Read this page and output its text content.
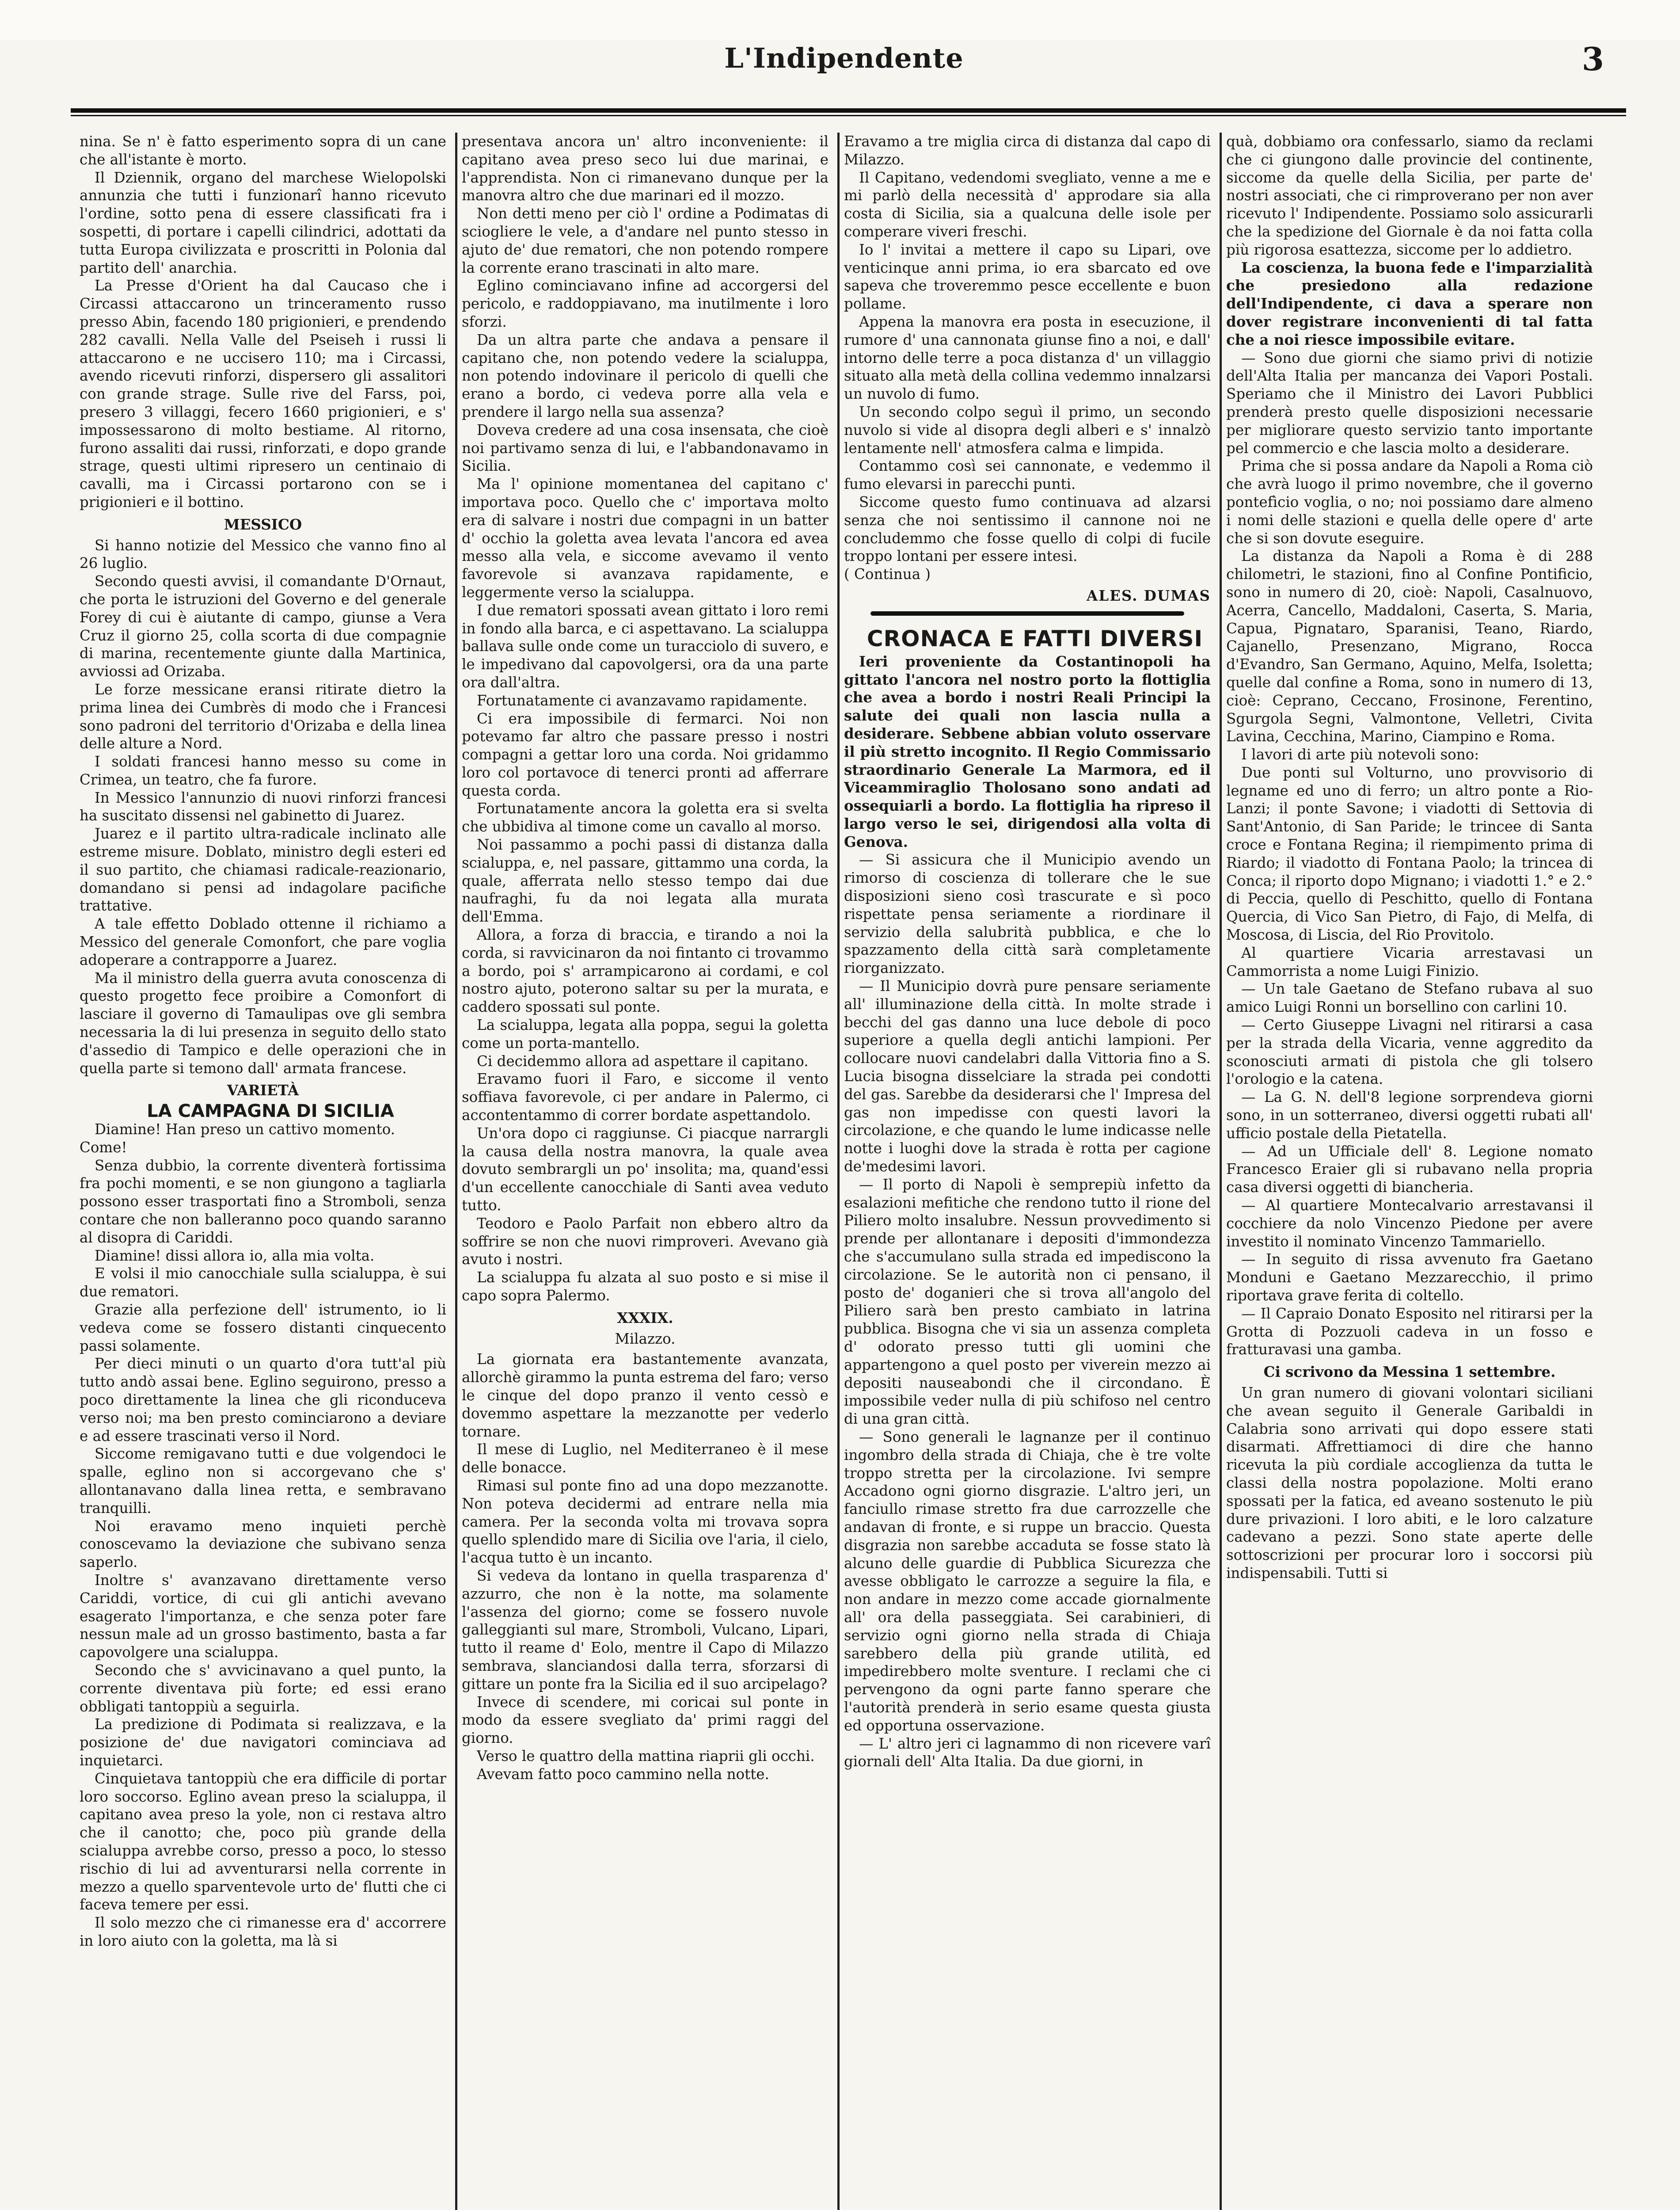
L'Indipendente	3

nina. Se n' è fatto esperimento sopra di un cane che all'istante è morto.

Il Dziennik, organo del marchese Wielopolski annunzia che tutti i funzionarî hanno ricevuto l'ordine, sotto pena di essere classificati fra i sospetti, di portare i capelli cilindrici, adottati da tutta Europa civilizzata e proscritti in Polonia dal partito dell' anarchia.

La Presse d'Orient ha dal Caucaso che i Circassi attaccarono un trinceramento russo presso Abin, facendo 180 prigionieri, e prendendo 282 cavalli. Nella Valle del Pseiseh i russi li attaccarono e ne uccisero 110; ma i Circassi, avendo ricevuti rinforzi, dispersero gli assalitori con grande strage. Sulle rive del Farss, poi, presero 3 villaggi, fecero 1660 prigionieri, e s' impossessarono di molto bestiame. Al ritorno, furono assaliti dai russi, rinforzati, e dopo grande strage, questi ultimi ripresero un centinaio di cavalli, ma i Circassi portarono con se i prigionieri e il bottino.

MESSICO

Si hanno notizie del Messico che vanno fino al 26 luglio.

Secondo questi avvisi, il comandante D'Ornaut, che porta le istruzioni del Governo e del generale Forey di cui è aiutante di campo, giunse a Vera Cruz il giorno 25, colla scorta di due compagnie di marina, recentemente giunte dalla Martinica, avviossi ad Orizaba.

Le forze messicane eransi ritirate dietro la prima linea dei Cumbrès di modo che i Francesi sono padroni del territorio d'Orizaba e della linea delle alture a Nord.

I soldati francesi hanno messo su come in Crimea, un teatro, che fa furore.

In Messico l'annunzio di nuovi rinforzi francesi ha suscitato dissensi nel gabinetto di Juarez.

Juarez e il partito ultra-radicale inclinato alle estreme misure. Doblato, ministro degli esteri ed il suo partito, che chiamasi radicale-reazionario, domandano si pensi ad indagolare pacifiche trattative.

A tale effetto Doblado ottenne il richiamo a Messico del generale Comonfort, che pare voglia adoperare a contrapporre a Juarez.

Ma il ministro della guerra avuta conoscenza di questo progetto fece proibire a Comonfort di lasciare il governo di Tamaulipas ove gli sembra necessaria la di lui presenza in seguito dello stato d'assedio di Tampico e delle operazioni che in quella parte si temono dall' armata francese.

VARIETÀ

LA CAMPAGNA DI SICILIA

Diamine! Han preso un cattivo momento.

Come!

Senza dubbio, la corrente diventerà fortissima fra pochi momenti, e se non giungono a tagliarla possono esser trasportati fino a Stromboli, senza contare che non balleranno poco quando saranno al disopra di Cariddi.

Diamine! dissi allora io, alla mia volta.

E volsi il mio canocchiale sulla scialuppa, è sui due rematori.

Grazie alla perfezione dell' istrumento, io li vedeva come se fossero distanti cinquecento passi solamente.

Per dieci minuti o un quarto d'ora tutt'al più tutto andò assai bene. Eglino seguirono, presso a poco direttamente la linea che gli riconduceva verso noi; ma ben presto cominciarono a deviare e ad essere trascinati verso il Nord.

Siccome remigavano tutti e due volgendoci le spalle, eglino non si accorgevano che s' allontanavano dalla linea retta, e sembravano tranquilli.

Noi eravamo meno inquieti perchè conoscevamo la deviazione che subivano senza saperlo.

Inoltre s' avanzavano direttamente verso Cariddi, vortice, di cui gli antichi avevano esagerato l'importanza, e che senza poter fare nessun male ad un grosso bastimento, basta a far capovolgere una scialuppa.

Secondo che s' avvicinavano a quel punto, la corrente diventava più forte; ed essi erano obbligati tantoppiù a seguirla.

La predizione di Podimata si realizzava, e la posizione de' due navigatori cominciava ad inquietarci.

Cinquietava tantoppiù che era difficile di portar loro soccorso. Eglino avean preso la scialuppa, il capitano avea preso la yole, non ci restava altro che il canotto; che, poco più grande della scialuppa avrebbe corso, presso a poco, lo stesso rischio di lui ad avventurarsi nella corrente in mezzo a quello sparventevole urto de' flutti che ci faceva temere per essi.

Il solo mezzo che ci rimanesse era d' accorrere in loro aiuto con la goletta, ma là si

presentava ancora un' altro inconveniente: il capitano avea preso seco lui due marinai, e l'apprendista. Non ci rimanevano dunque per la manovra altro che due marinari ed il mozzo.

Non detti meno per ciò l' ordine a Podimatas di sciogliere le vele, a d'andare nel punto stesso in ajuto de' due rematori, che non potendo rompere la corrente erano trascinati in alto mare.

Eglino cominciavano infine ad accorgersi del pericolo, e raddoppiavano, ma inutilmente i loro sforzi.

Da un altra parte che andava a pensare il capitano che, non potendo vedere la scialuppa, non potendo indovinare il pericolo di quelli che erano a bordo, ci vedeva porre alla vela e prendere il largo nella sua assenza?

Doveva credere ad una cosa insensata, che cioè noi partivamo senza di lui, e l'abbandonavamo in Sicilia.

Ma l' opinione momentanea del capitano c' importava poco. Quello che c' importava molto era di salvare i nostri due compagni in un batter d' occhio la goletta avea levata l'ancora ed avea messo alla vela, e siccome avevamo il vento favorevole si avanzava rapidamente, e leggermente verso la scialuppa.

I due rematori spossati avean gittato i loro remi in fondo alla barca, e ci aspettavano. La scialuppa ballava sulle onde come un turacciolo di suvero, e le impedivano dal capovolgersi, ora da una parte ora dall'altra.

Fortunatamente ci avanzavamo rapidamente.

Ci era impossibile di fermarci. Noi non potevamo far altro che passare presso i nostri compagni a gettar loro una corda. Noi gridammo loro col portavoce di tenerci pronti ad afferrare questa corda.

Fortunatamente ancora la goletta era si svelta che ubbidiva al timone come un cavallo al morso.

Noi passammo a pochi passi di distanza dalla scialuppa, e, nel passare, gittammo una corda, la quale, afferrata nello stesso tempo dai due naufraghi, fu da noi legata alla murata dell'Emma.

Allora, a forza di braccia, e tirando a noi la corda, si ravvicinaron da noi fintanto ci trovammo a bordo, poi s' arrampicarono ai cordami, e col nostro ajuto, poterono saltar su per la murata, e caddero spossati sul ponte.

La scialuppa, legata alla poppa, segui la goletta come un porta-mantello.

Ci decidemmo allora ad aspettare il capitano.

Eravamo fuori il Faro, e siccome il vento soffiava favorevole, ci per andare in Palermo, ci accontentammo di correr bordate aspettandolo.

Un'ora dopo ci raggiunse. Ci piacque narrargli la causa della nostra manovra, la quale avea dovuto sembrargli un po' insolita; ma, quand'essi d'un eccellente canocchiale di Santi avea veduto tutto.

Teodoro e Paolo Parfait non ebbero altro da soffrire se non che nuovi rimproveri. Avevano già avuto i nostri.

La scialuppa fu alzata al suo posto e si mise il capo sopra Palermo.

XXXIX.

Milazzo.

La giornata era bastantemente avanzata, allorchè girammo la punta estrema del faro; verso le cinque del dopo pranzo il vento cessò e dovemmo aspettare la mezzanotte per vederlo tornare.

Il mese di Luglio, nel Mediterraneo è il mese delle bonacce.

Rimasi sul ponte fino ad una dopo mezzanotte. Non poteva decidermi ad entrare nella mia camera. Per la seconda volta mi trovava sopra quello splendido mare di Sicilia ove l'aria, il cielo, l'acqua tutto è un incanto.

Si vedeva da lontano in quella trasparenza d' azzurro, che non è la notte, ma solamente l'assenza del giorno; come se fossero nuvole galleggianti sul mare, Stromboli, Vulcano, Lipari, tutto il reame d' Eolo, mentre il Capo di Milazzo sembrava, slanciandosi dalla terra, sforzarsi di gittare un ponte fra la Sicilia ed il suo arcipelago?

Invece di scendere, mi coricai sul ponte in modo da essere svegliato da' primi raggi del giorno.

Verso le quattro della mattina riaprii gli occhi.

Avevam fatto poco cammino nella notte.

Eravamo a tre miglia circa di distanza dal capo di Milazzo.

Il Capitano, vedendomi svegliato, venne a me e mi parlò della necessità d' approdare sia alla costa di Sicilia, sia a qualcuna delle isole per comperare viveri freschi.

Io l' invitai a mettere il capo su Lipari, ove venticinque anni prima, io era sbarcato ed ove sapeva che troveremmo pesce eccellente e buon pollame.

Appena la manovra era posta in esecuzione, il rumore d' una cannonata giunse fino a noi, e dall' intorno delle terre a poca distanza d' un villaggio situato alla metà della collina vedemmo innalzarsi un nuvolo di fumo.

Un secondo colpo seguì il primo, un secondo nuvolo si vide al disopra degli alberi e s' innalzò lentamente nell' atmosfera calma e limpida.

Contammo così sei cannonate, e vedemmo il fumo elevarsi in parecchi punti.

Siccome questo fumo continuava ad alzarsi senza che noi sentissimo il cannone noi ne concludemmo che fosse quello di colpi di fucile troppo lontani per essere intesi.

( Continua )

ALES. DUMAS

CRONACA E FATTI DIVERSI

Ieri proveniente da Costantinopoli ha gittato l'ancora nel nostro porto la flottiglia che avea a bordo i nostri Reali Principi la salute dei quali non lascia nulla a desiderare. Sebbene abbian voluto osservare il più stretto incognito. Il Regio Commissario straordinario Generale La Marmora, ed il Viceammiraglio Tholosano sono andati ad ossequiarli a bordo. La flottiglia ha ripreso il largo verso le sei, dirigendosi alla volta di Genova.

— Si assicura che il Municipio avendo un rimorso di coscienza di tollerare che le sue disposizioni sieno così trascurate e sì poco rispettate pensa seriamente a riordinare il servizio della salubrità pubblica, e che lo spazzamento della città sarà completamente riorganizzato.

— Il Municipio dovrà pure pensare seriamente all' illuminazione della città. In molte strade i becchi del gas danno una luce debole di poco superiore a quella degli antichi lampioni. Per collocare nuovi candelabri dalla Vittoria fino a S. Lucia bisogna disselciare la strada pei condotti del gas. Sarebbe da desiderarsi che l' Impresa del gas non impedisse con questi lavori la circolazione, e che quando le lume indicasse nelle notte i luoghi dove la strada è rotta per cagione de'medesimi lavori.

— Il porto di Napoli è semprepiù infetto da esalazioni mefitiche che rendono tutto il rione del Piliero molto insalubre. Nessun provvedimento si prende per allontanare i depositi d'immondezza che s'accumulano sulla strada ed impediscono la circolazione. Se le autorità non ci pensano, il posto de' doganieri che si trova all'angolo del Piliero sarà ben presto cambiato in latrina pubblica. Bisogna che vi sia un assenza completa d' odorato presso tutti gli uomini che appartengono a quel posto per viverein mezzo ai depositi nauseabondi che il circondano. È impossibile veder nulla di più schifoso nel centro di una gran città.

— Sono generali le lagnanze per il continuo ingombro della strada di Chiaja, che è tre volte troppo stretta per la circolazione. Ivi sempre Accadono ogni giorno disgrazie. L'altro jeri, un fanciullo rimase stretto fra due carrozzelle che andavan di fronte, e si ruppe un braccio. Questa disgrazia non sarebbe accaduta se fosse stato là alcuno delle guardie di Pubblica Sicurezza che avesse obbligato le carrozze a seguire la fila, e non andare in mezzo come accade giornalmente all' ora della passeggiata. Sei carabinieri, di servizio ogni giorno nella strada di Chiaja sarebbero della più grande utilità, ed impedirebbero molte sventure. I reclami che ci pervengono da ogni parte fanno sperare che l'autorità prenderà in serio esame questa giusta ed opportuna osservazione.

— L' altro jeri ci lagnammo di non ricevere varî giornali dell' Alta Italia. Da due giorni, in

quà, dobbiamo ora confessarlo, siamo da reclami che ci giungono dalle provincie del continente, siccome da quelle della Sicilia, per parte de' nostri associati, che ci rimproverano per non aver ricevuto l' Indipendente. Possiamo solo assicurarli che la spedizione del Giornale è da noi fatta colla più rigorosa esattezza, siccome per lo addietro.

La coscienza, la buona fede e l'imparzialità che presiedono alla redazione dell'Indipendente, ci dava a sperare non dover registrare inconvenienti di tal fatta che a noi riesce impossibile evitare.

— Sono due giorni che siamo privi di notizie dell'Alta Italia per mancanza dei Vapori Postali. Speriamo che il Ministro dei Lavori Pubblici prenderà presto quelle disposizioni necessarie per migliorare questo servizio tanto importante pel commercio e che lascia molto a desiderare.

Prima che si possa andare da Napoli a Roma ciò che avrà luogo il primo novembre, che il governo pontefìcio voglia, o no; noi possiamo dare almeno i nomi delle stazioni e quella delle opere d' arte che si son dovute eseguire.

La distanza da Napoli a Roma è di 288 chilometri, le stazioni, fino al Confine Pontificio, sono in numero di 20, cioè: Napoli, Casalnuovo, Acerra, Cancello, Maddaloni, Caserta, S. Maria, Capua, Pignataro, Sparanisi, Teano, Riardo, Cajanello, Presenzano, Migrano, Rocca d'Evandro, San Germano, Aquino, Melfa, Isoletta; quelle dal confine a Roma, sono in numero di 13, cioè: Ceprano, Ceccano, Frosinone, Ferentino, Sgurgola Segni, Valmontone, Velletri, Civita Lavina, Cecchina, Marino, Ciampino e Roma.

I lavori di arte più notevoli sono:

Due ponti sul Volturno, uno provvisorio di legname ed uno di ferro; un altro ponte a Rio-Lanzi; il ponte Savone; i viadotti di Settovia di Sant'Antonio, di San Paride; le trincee di Santa croce e Fontana Regina; il riempimento prima di Riardo; il viadotto di Fontana Paolo; la trincea di Conca; il riporto dopo Mignano; i viadotti 1.° e 2.° di Peccia, quello di Peschitto, quello di Fontana Quercia, di Vico San Pietro, di Fajo, di Melfa, di Moscosa, di Liscia, del Rio Provitolo.

Al quartiere Vicaria arrestavasi un Cammorrista a nome Luigi Finizio.

— Un tale Gaetano de Stefano rubava al suo amico Luigi Ronni un borsellino con carlini 10.

— Certo Giuseppe Livagni nel ritirarsi a casa per la strada della Vicaria, venne aggredito da sconosciuti armati di pistola che gli tolsero l'orologio e la catena.

— La G. N. dell'8 legione sorprendeva giorni sono, in un sotterraneo, diversi oggetti rubati all' ufficio postale della Pietatella.

— Ad un Ufficiale dell' 8. Legione nomato Francesco Eraier gli si rubavano nella propria casa diversi oggetti di biancheria.

— Al quartiere Montecalvario arrestavansi il cocchiere da nolo Vincenzo Piedone per avere investito il nominato Vincenzo Tammariello.

— In seguito di rissa avvenuto fra Gaetano Monduni e Gaetano Mezzarecchio, il primo riportava grave ferita di coltello.

— Il Capraio Donato Esposito nel ritirarsi per la Grotta di Pozzuoli cadeva in un fosso e fratturavasi una gamba.

Ci scrivono da Messina 1 settembre.

Un gran numero di giovani volontari siciliani che avean seguito il Generale Garibaldi in Calabria sono arrivati qui dopo essere stati disarmati. Affrettiamoci di dire che hanno ricevuta la più cordiale accoglienza da tutta le classi della nostra popolazione. Molti erano spossati per la fatica, ed aveano sostenuto le più dure privazioni. I loro abiti, e le loro calzature cadevano a pezzi. Sono state aperte delle sottoscrizioni per procurar loro i soccorsi più indispensabili. Tutti si
